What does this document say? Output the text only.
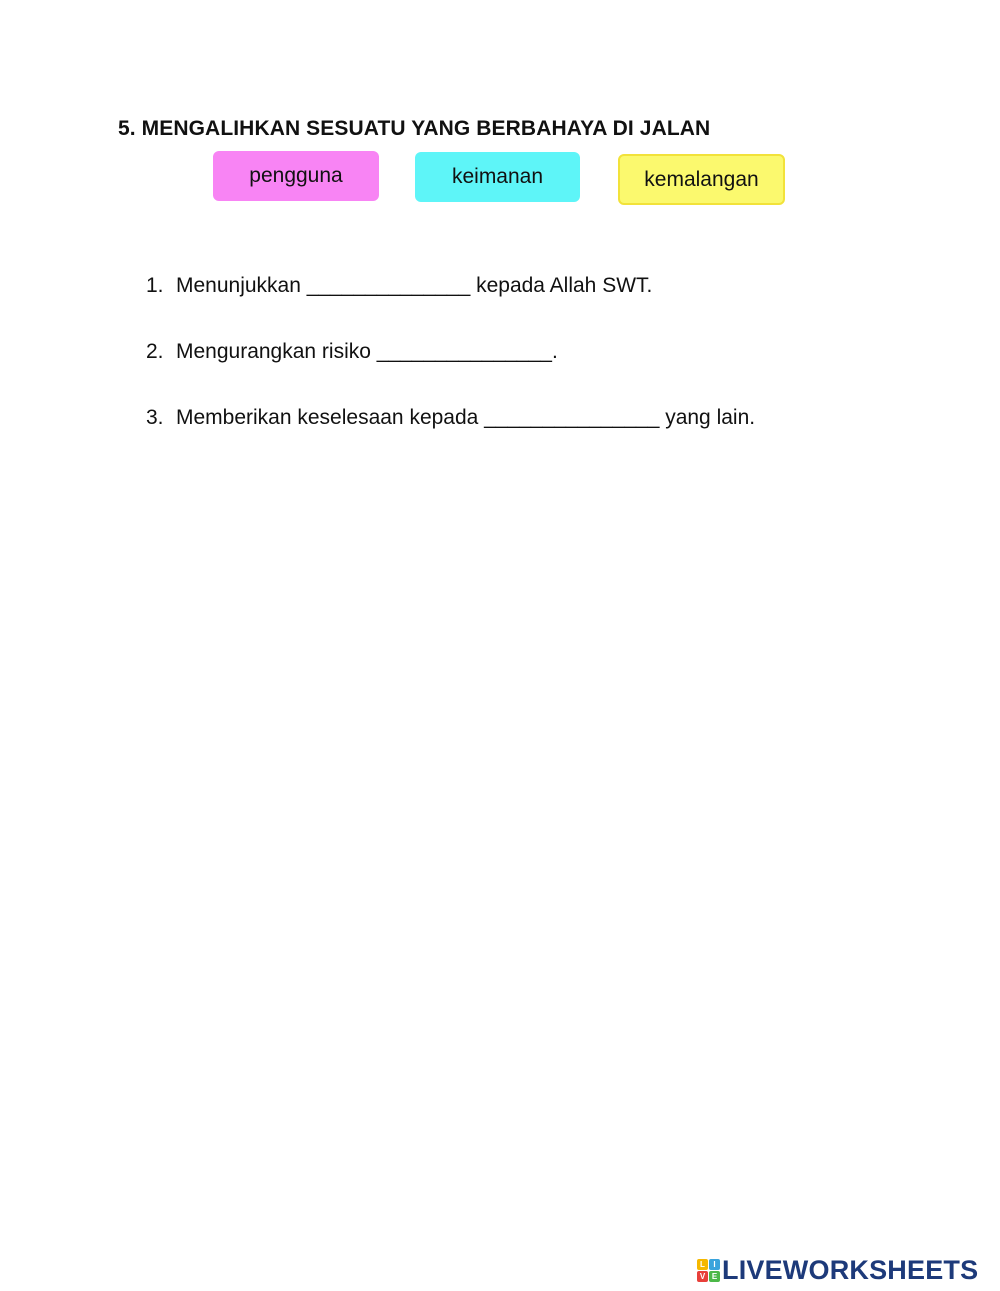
5. MENGALIHKAN SESUATU YANG BERBAHAYA DI JALAN
pengguna	keimanan	kemalangan
1. Menunjukkan ______________ kepada Allah SWT.
2. Mengurangkan risiko _______________.
3. Memberikan keselesaan kepada _______________ yang lain.
L	I
V E LIVEWORKSHEETS
